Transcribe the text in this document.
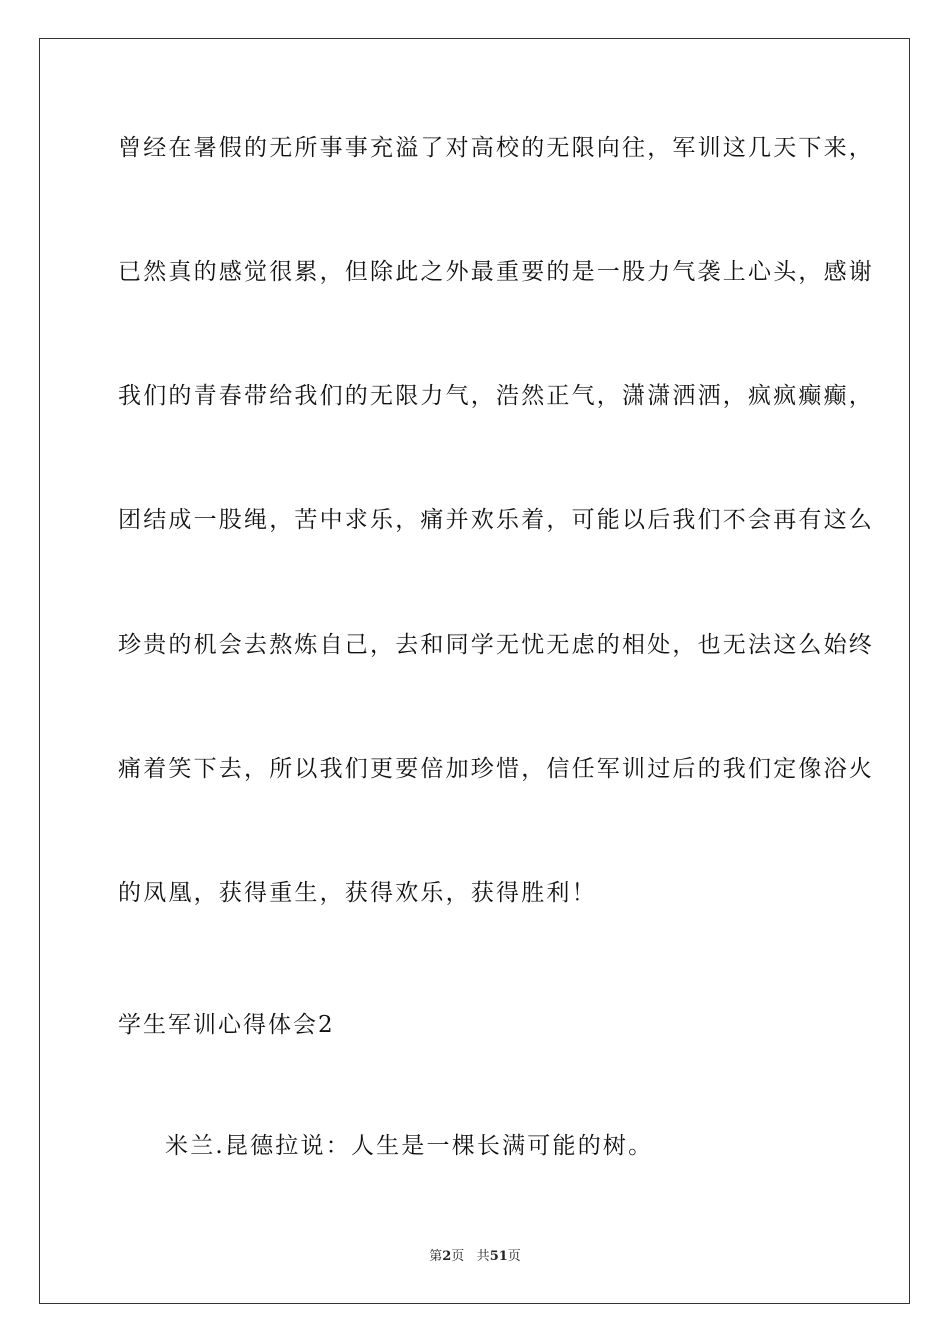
曾经在暑假的无所事事充溢了对高校的无限向往，军训这几天下来，
已然真的感觉很累，但除此之外最重要的是一股力气袭上心头，感谢
我们的青春带给我们的无限力气，浩然正气，潇潇洒洒，疯疯癫癫，
团结成一股绳，苦中求乐，痛并欢乐着，可能以后我们不会再有这么
珍贵的机会去熬炼自己，去和同学无忧无虑的相处，也无法这么始终
痛着笑下去，所以我们更要倍加珍惜，信任军训过后的我们定像浴火
的凤凰，获得重生，获得欢乐，获得胜利！
学生军训心得体会2
米兰.昆德拉说：人生是一棵长满可能的树。
第2页 共51页
